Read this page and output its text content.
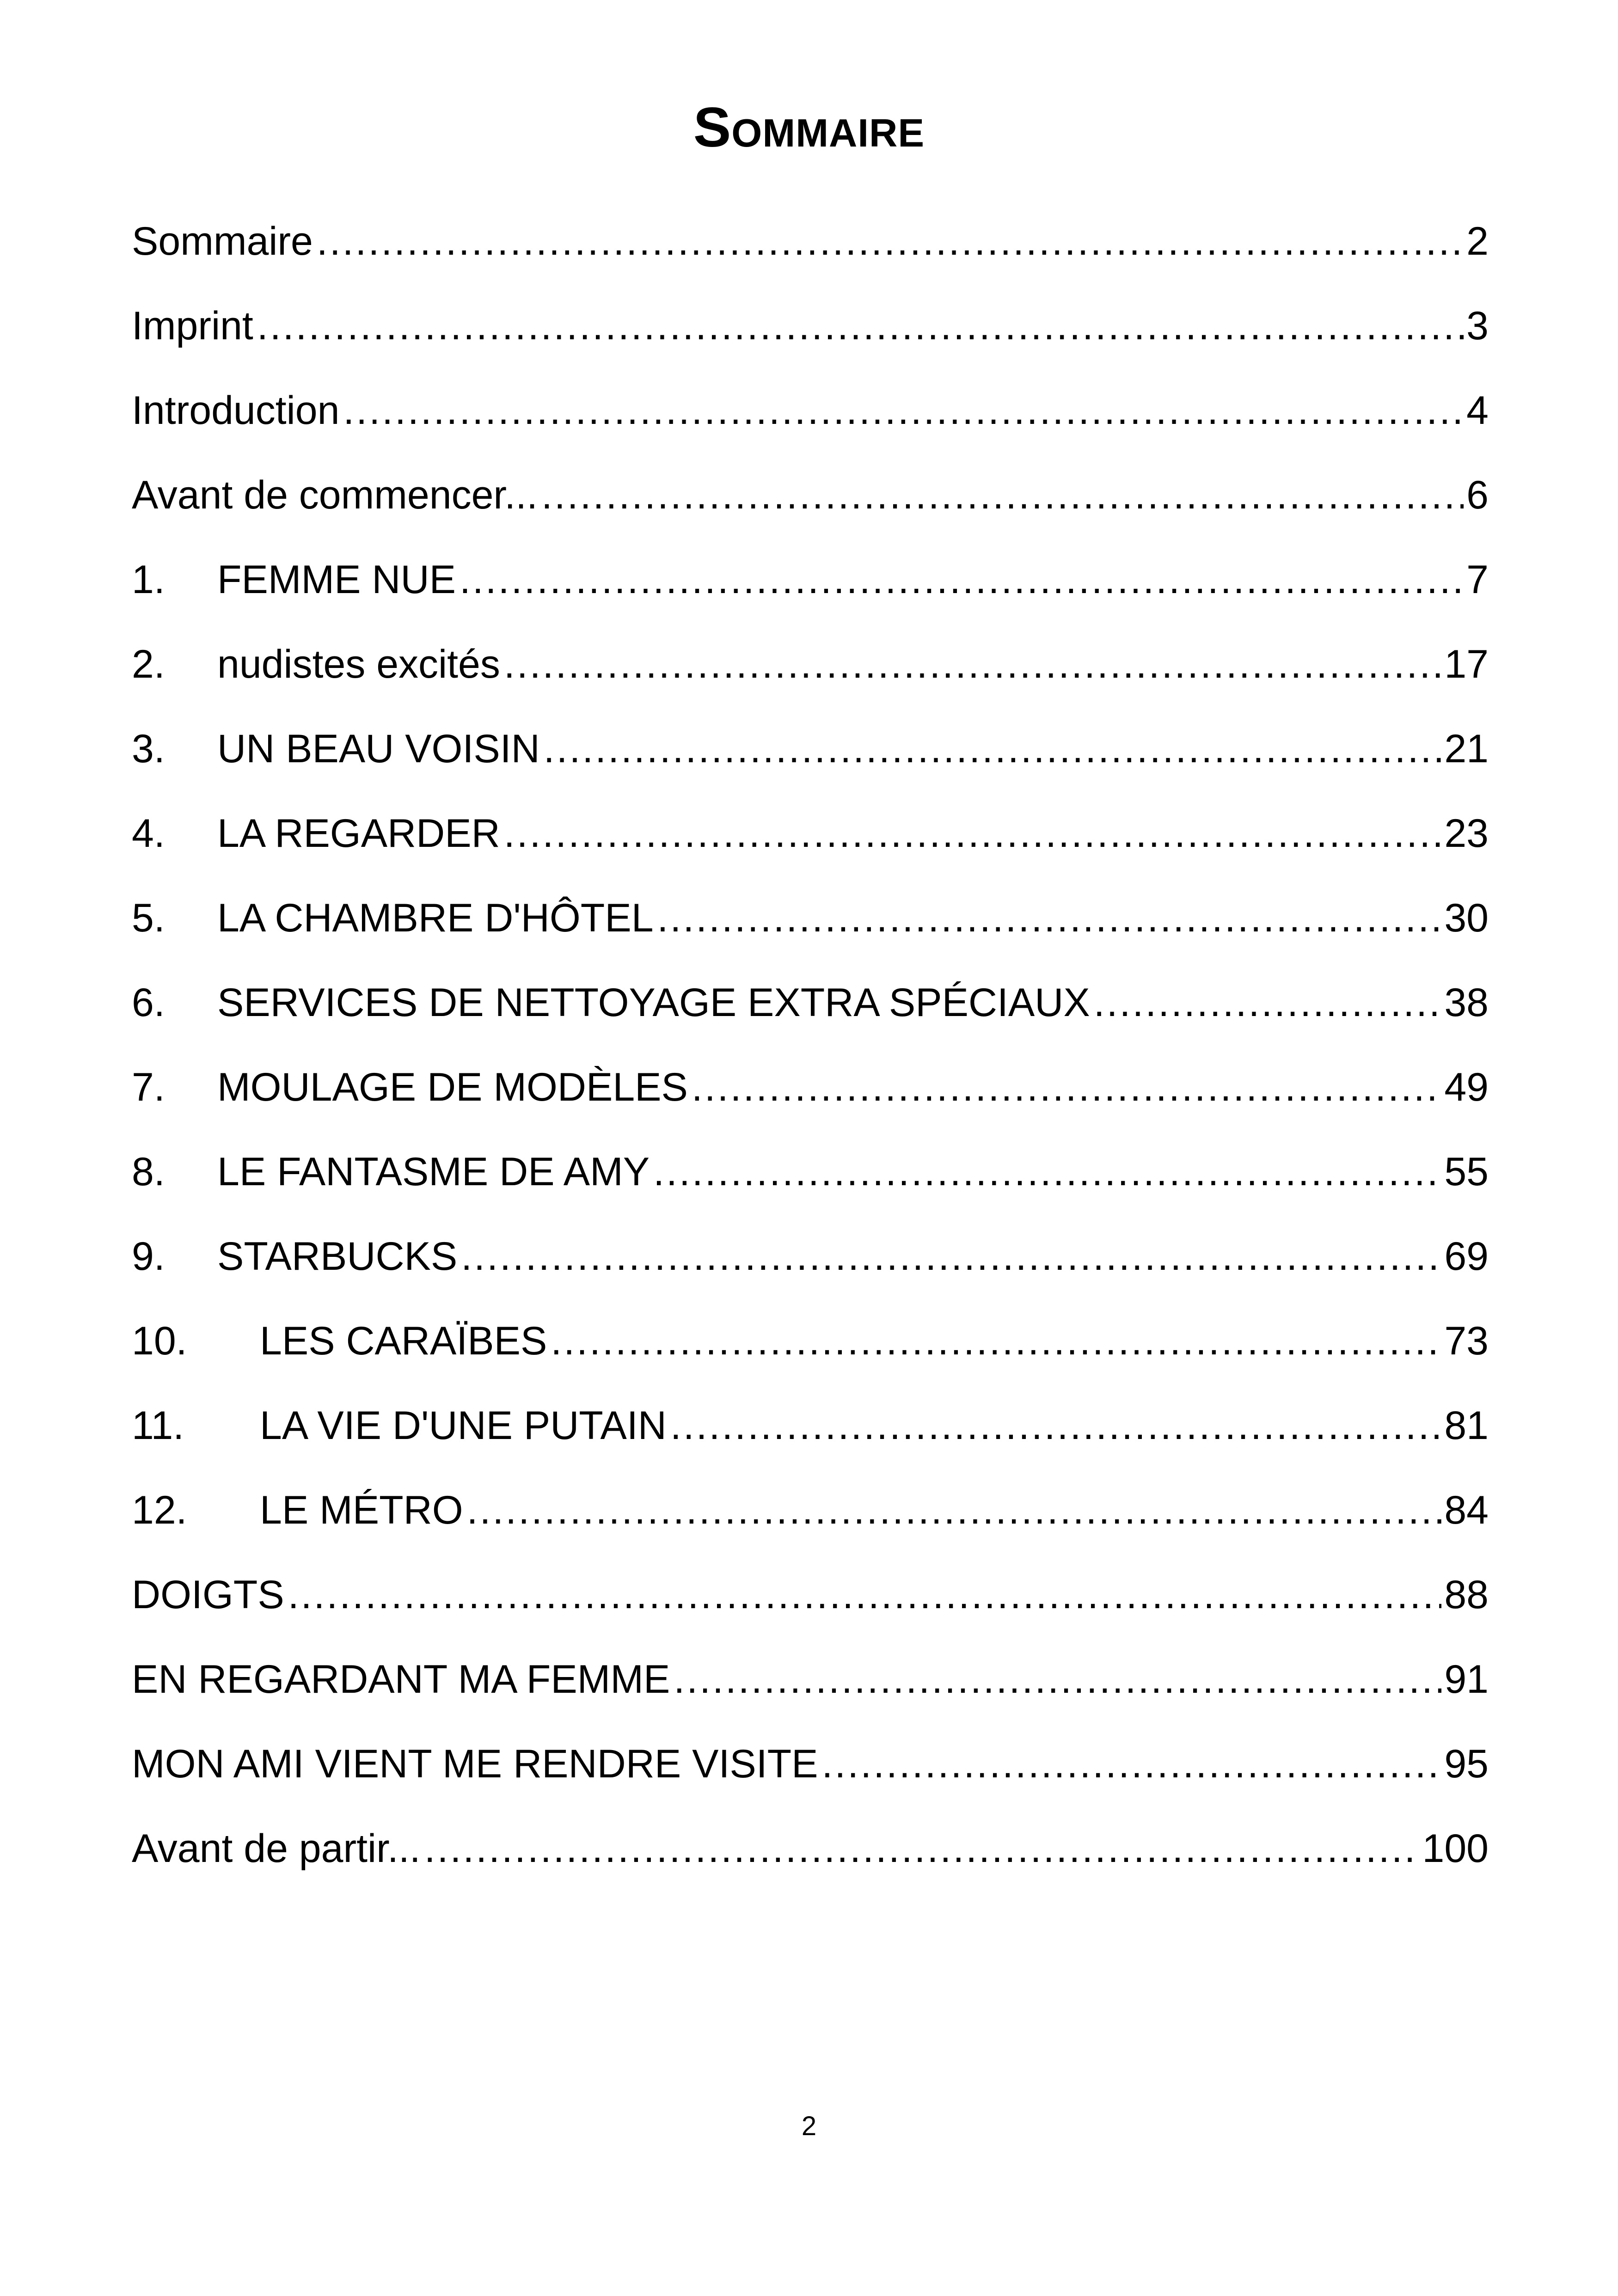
Sommaire
Sommaire .....	2
Imprint .....	3
Introduction .....	4
Avant de commencer... .....	6
1.	FEMME NUE .....	7
2.	nudistes excités .....	17
3.	UN BEAU VOISIN .....	21
4.	LA REGARDER .....	23
5.	LA CHAMBRE D'HÔTEL .....	30
6.	SERVICES DE NETTOYAGE EXTRA SPÉCIAUX .....	38
7.	MOULAGE DE MODÈLES .....	49
8.	LE FANTASME DE AMY .....	55
9.	STARBUCKS .....	69
10.	LES CARAÏBES .....	73
11.	LA VIE D'UNE PUTAIN .....	81
12.	LE MÉTRO .....	84
DOIGTS .....	88
EN REGARDANT MA FEMME .....	91
MON AMI VIENT ME RENDRE VISITE .....	95
Avant de partir... .....	100
2
